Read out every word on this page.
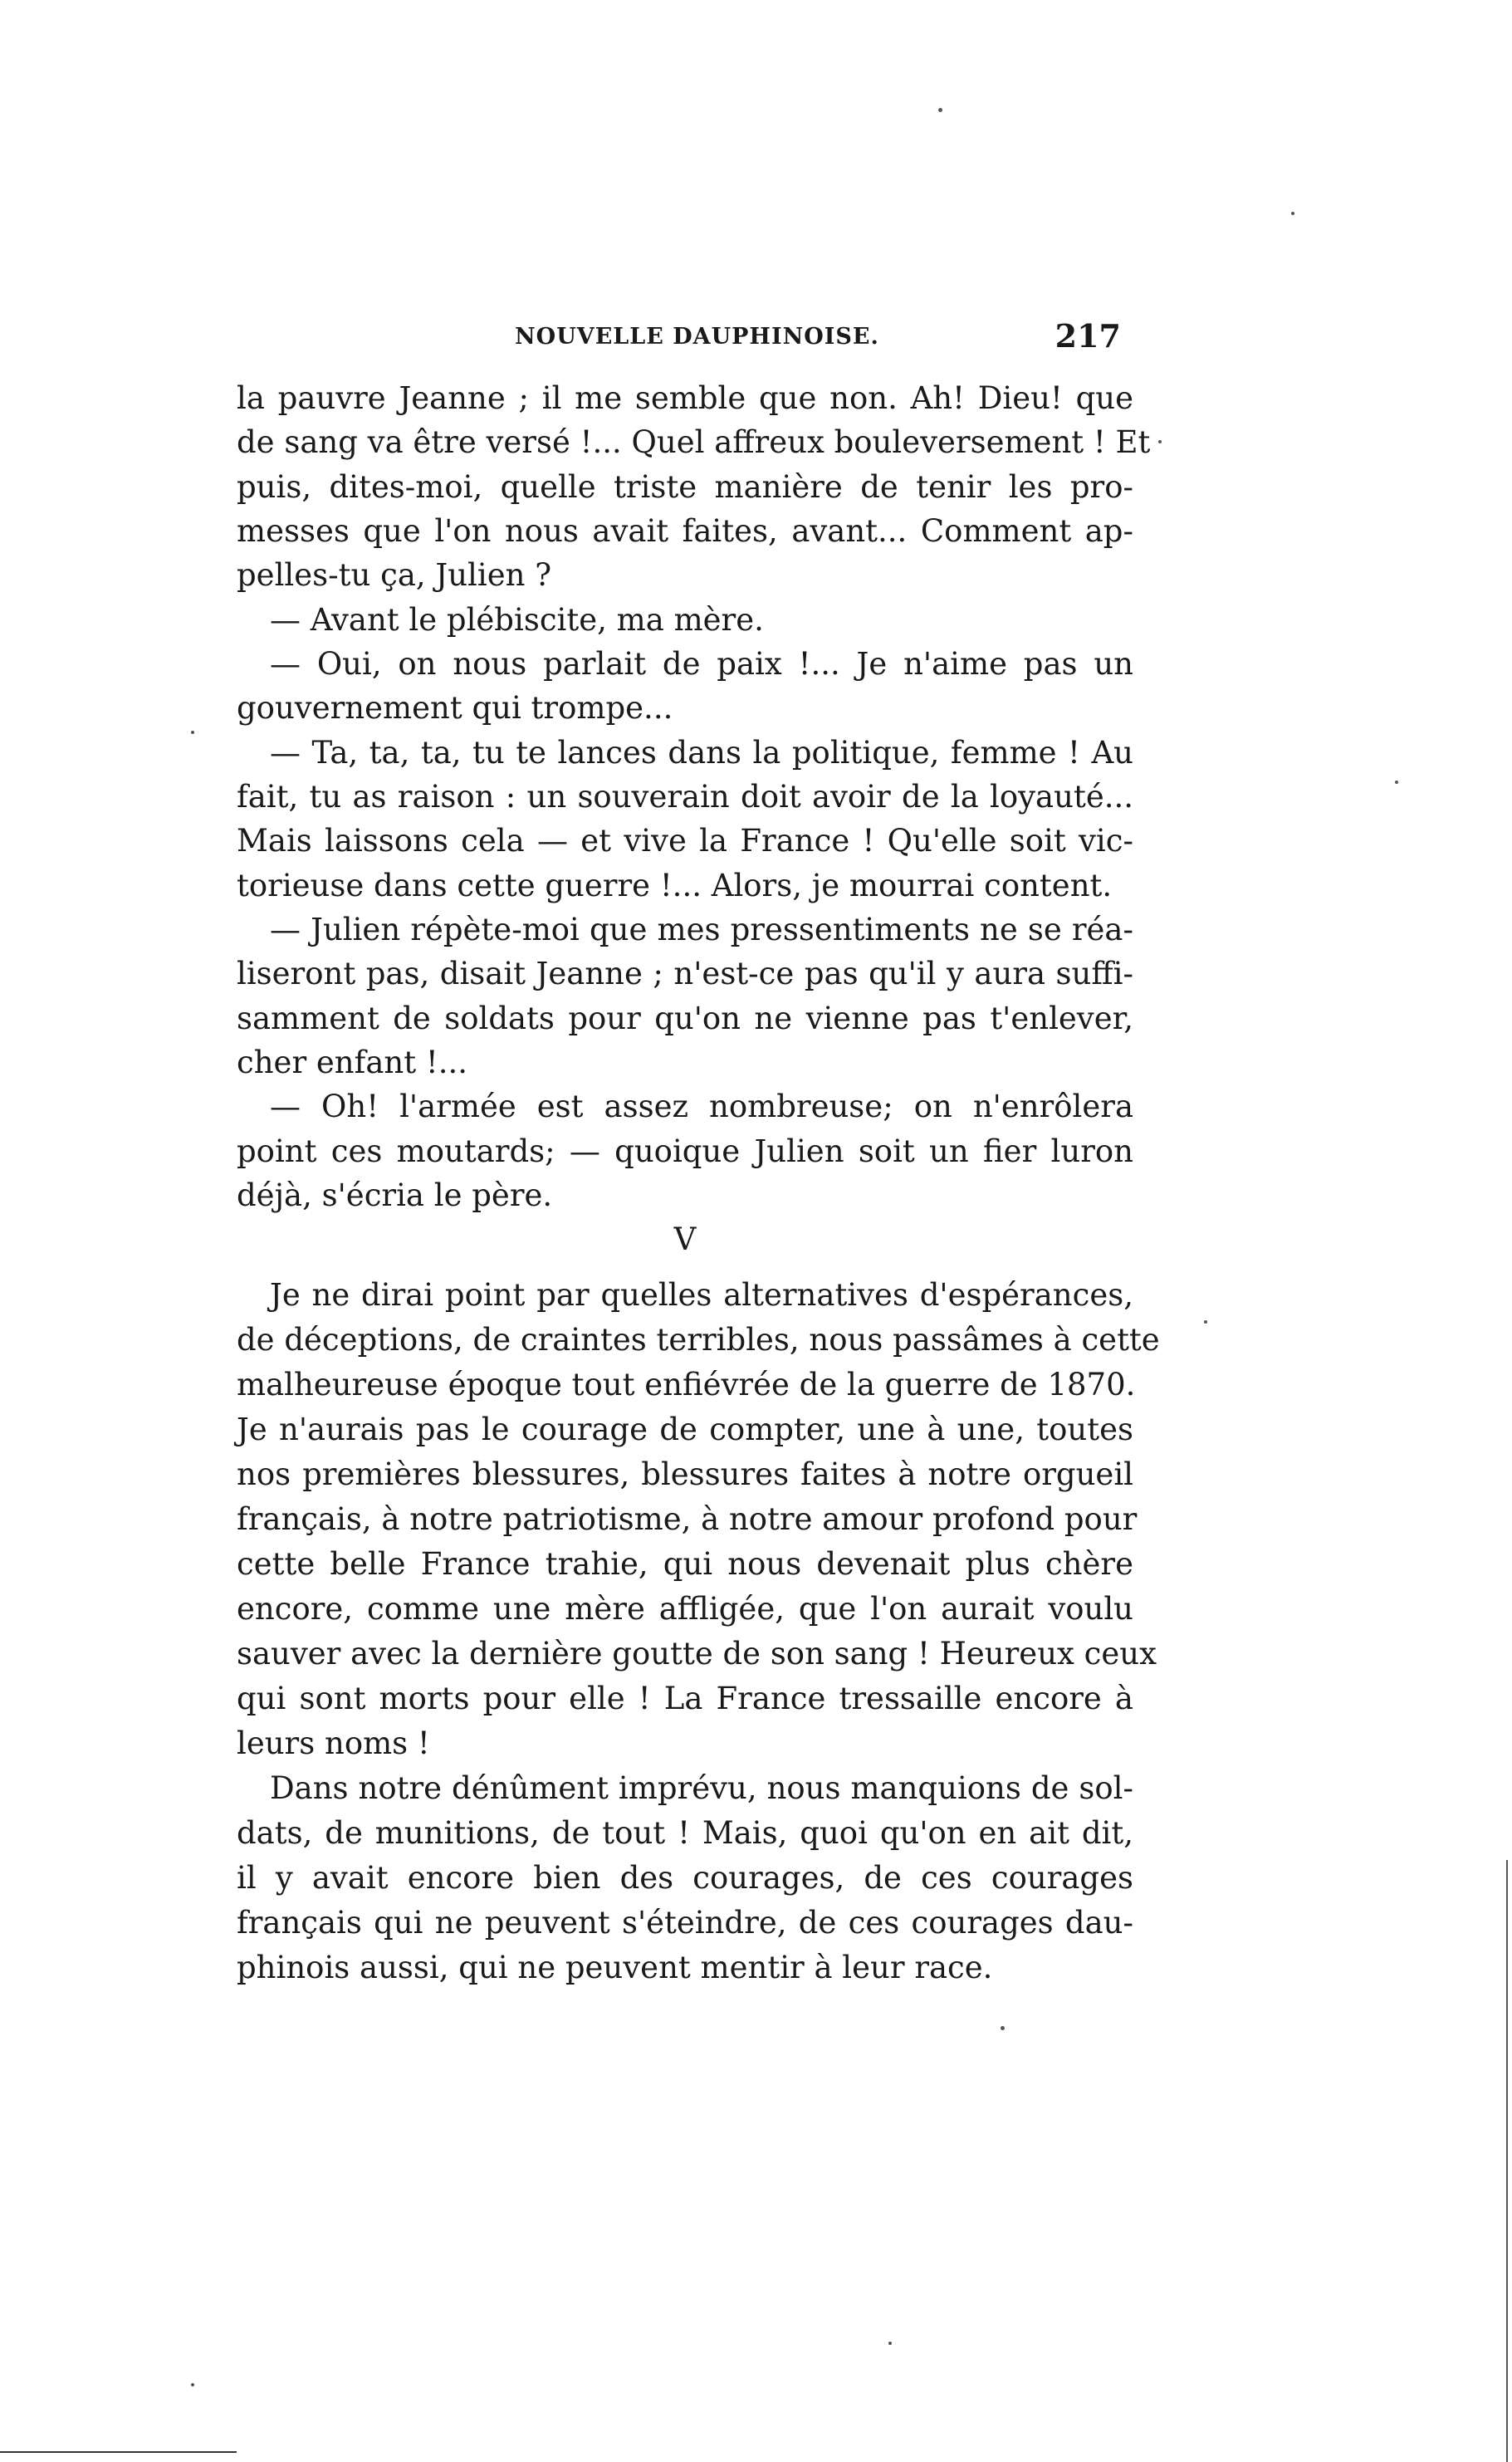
NOUVELLE DAUPHINOISE.	217
la pauvre Jeanne ; il me semble que non. Ah! Dieu! que
de sang va être versé !... Quel affreux bouleversement ! Et
puis, dites-moi, quelle triste manière de tenir les pro-
messes que l'on nous avait faites, avant... Comment ap-
pelles-tu ça, Julien ?
— Avant le plébiscite, ma mère.
— Oui, on nous parlait de paix !... Je n'aime pas un
gouvernement qui trompe...
— Ta, ta, ta, tu te lances dans la politique, femme ! Au
fait, tu as raison : un souverain doit avoir de la loyauté...
Mais laissons cela — et vive la France ! Qu'elle soit vic-
torieuse dans cette guerre !... Alors, je mourrai content.
— Julien répète-moi que mes pressentiments ne se réa-
liseront pas, disait Jeanne ; n'est-ce pas qu'il y aura suffi-
samment de soldats pour qu'on ne vienne pas t'enlever,
cher enfant !...
— Oh! l'armée est assez nombreuse; on n'enrôlera
point ces moutards; — quoique Julien soit un fier luron
déjà, s'écria le père.
V
Je ne dirai point par quelles alternatives d'espérances,
de déceptions, de craintes terribles, nous passâmes à cette
malheureuse époque tout enfiévrée de la guerre de 1870.
Je n'aurais pas le courage de compter, une à une, toutes
nos premières blessures, blessures faites à notre orgueil
français, à notre patriotisme, à notre amour profond pour
cette belle France trahie, qui nous devenait plus chère
encore, comme une mère affligée, que l'on aurait voulu
sauver avec la dernière goutte de son sang ! Heureux ceux
qui sont morts pour elle ! La France tressaille encore à
leurs noms !
Dans notre dénûment imprévu, nous manquions de sol-
dats, de munitions, de tout ! Mais, quoi qu'on en ait dit,
il y avait encore bien des courages, de ces courages
français qui ne peuvent s'éteindre, de ces courages dau-
phinois aussi, qui ne peuvent mentir à leur race.
